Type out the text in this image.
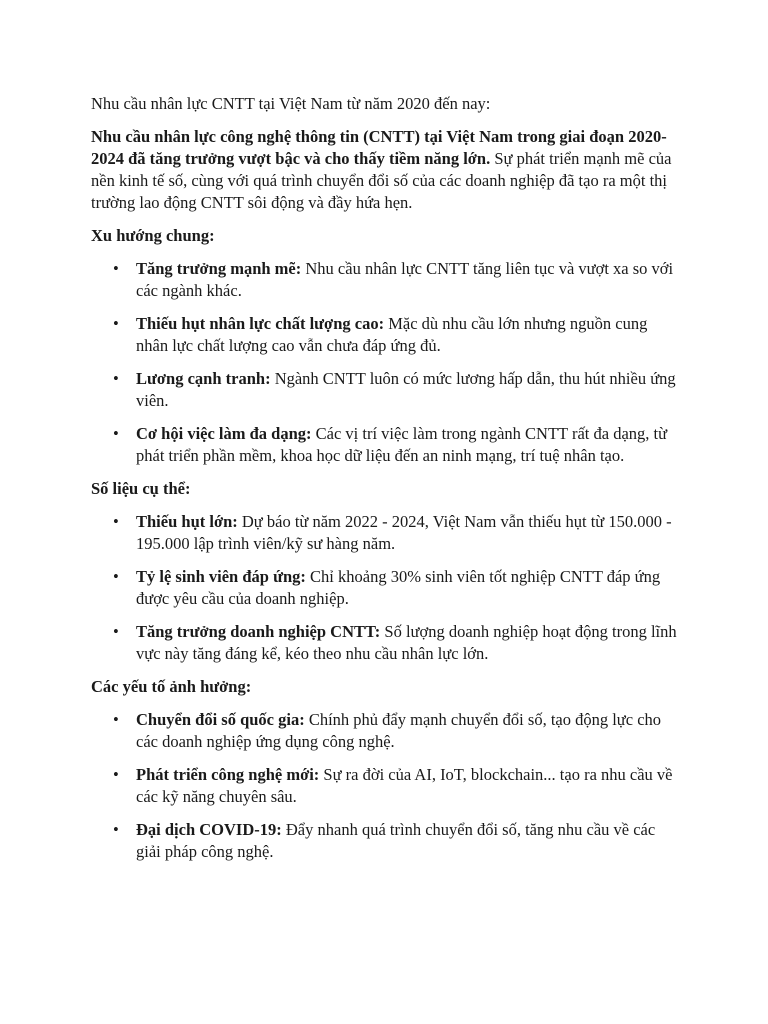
Nhu cầu nhân lực CNTT tại Việt Nam từ năm 2020 đến nay:

Nhu cầu nhân lực công nghệ thông tin (CNTT) tại Việt Nam trong giai đoạn 2020-2024 đã tăng trưởng vượt bậc và cho thấy tiềm năng lớn. Sự phát triển mạnh mẽ của nền kinh tế số, cùng với quá trình chuyển đổi số của các doanh nghiệp đã tạo ra một thị trường lao động CNTT sôi động và đầy hứa hẹn.

Xu hướng chung:

• Tăng trưởng mạnh mẽ: Nhu cầu nhân lực CNTT tăng liên tục và vượt xa so với các ngành khác.
• Thiếu hụt nhân lực chất lượng cao: Mặc dù nhu cầu lớn nhưng nguồn cung nhân lực chất lượng cao vẫn chưa đáp ứng đủ.
• Lương cạnh tranh: Ngành CNTT luôn có mức lương hấp dẫn, thu hút nhiều ứng viên.
• Cơ hội việc làm đa dạng: Các vị trí việc làm trong ngành CNTT rất đa dạng, từ phát triển phần mềm, khoa học dữ liệu đến an ninh mạng, trí tuệ nhân tạo.

Số liệu cụ thể:

• Thiếu hụt lớn: Dự báo từ năm 2022 - 2024, Việt Nam vẫn thiếu hụt từ 150.000 - 195.000 lập trình viên/kỹ sư hàng năm.
• Tỷ lệ sinh viên đáp ứng: Chỉ khoảng 30% sinh viên tốt nghiệp CNTT đáp ứng được yêu cầu của doanh nghiệp.
• Tăng trưởng doanh nghiệp CNTT: Số lượng doanh nghiệp hoạt động trong lĩnh vực này tăng đáng kể, kéo theo nhu cầu nhân lực lớn.

Các yếu tố ảnh hưởng:

• Chuyển đổi số quốc gia: Chính phủ đẩy mạnh chuyển đổi số, tạo động lực cho các doanh nghiệp ứng dụng công nghệ.
• Phát triển công nghệ mới: Sự ra đời của AI, IoT, blockchain... tạo ra nhu cầu về các kỹ năng chuyên sâu.
• Đại dịch COVID-19: Đẩy nhanh quá trình chuyển đổi số, tăng nhu cầu về các giải pháp công nghệ.
